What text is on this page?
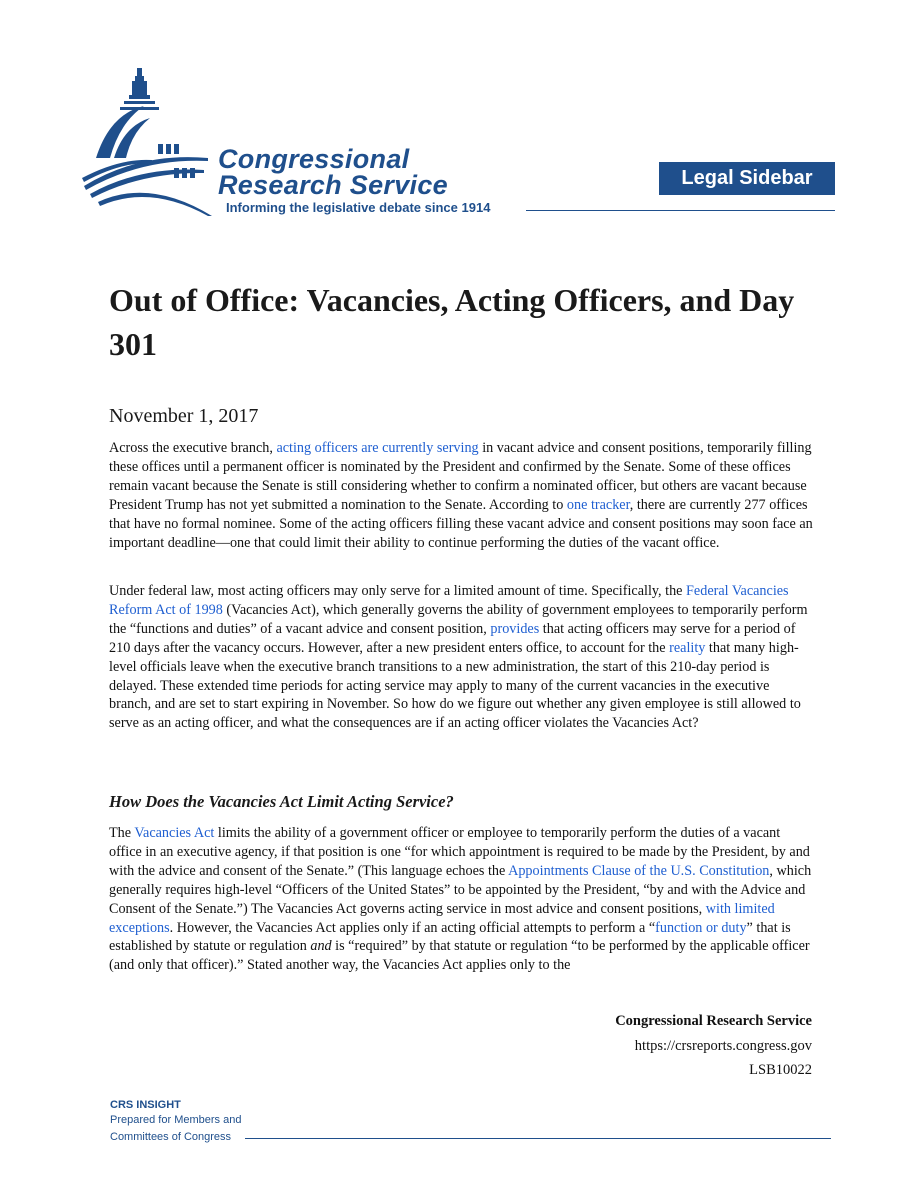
Congressional
Research Service
Informing the legislative debate since 1914
Legal Sidebar
Out of Office: Vacancies, Acting Officers, and Day 301
November 1, 2017

Across the executive branch, acting officers are currently serving in vacant advice and consent positions, temporarily filling these offices until a permanent officer is nominated by the President and confirmed by the Senate. Some of these offices remain vacant because the Senate is still considering whether to confirm a nominated officer, but others are vacant because President Trump has not yet submitted a nomination to the Senate. According to one tracker, there are currently 277 offices that have no formal nominee. Some of the acting officers filling these vacant advice and consent positions may soon face an important deadline—one that could limit their ability to continue performing the duties of the vacant office.

Under federal law, most acting officers may only serve for a limited amount of time. Specifically, the Federal Vacancies Reform Act of 1998 (Vacancies Act), which generally governs the ability of government employees to temporarily perform the “functions and duties” of a vacant advice and consent position, provides that acting officers may serve for a period of 210 days after the vacancy occurs. However, after a new president enters office, to account for the reality that many high-level officials leave when the executive branch transitions to a new administration, the start of this 210-day period is delayed. These extended time periods for acting service may apply to many of the current vacancies in the executive branch, and are set to start expiring in November. So how do we figure out whether any given employee is still allowed to serve as an acting officer, and what the consequences are if an acting officer violates the Vacancies Act?

How Does the Vacancies Act Limit Acting Service?

The Vacancies Act limits the ability of a government officer or employee to temporarily perform the duties of a vacant office in an executive agency, if that position is one “for which appointment is required to be made by the President, by and with the advice and consent of the Senate.” (This language echoes the Appointments Clause of the U.S. Constitution, which generally requires high-level “Officers of the United States” to be appointed by the President, “by and with the Advice and Consent of the Senate.”) The Vacancies Act governs acting service in most advice and consent positions, with limited exceptions. However, the Vacancies Act applies only if an acting official attempts to perform a “function or duty” that is established by statute or regulation and is “required” by that statute or regulation “to be performed by the applicable officer (and only that officer).” Stated another way, the Vacancies Act applies only to the

Congressional Research Service
https://crsreports.congress.gov
LSB10022
CRS INSIGHT
Prepared for Members and
Committees of Congress
